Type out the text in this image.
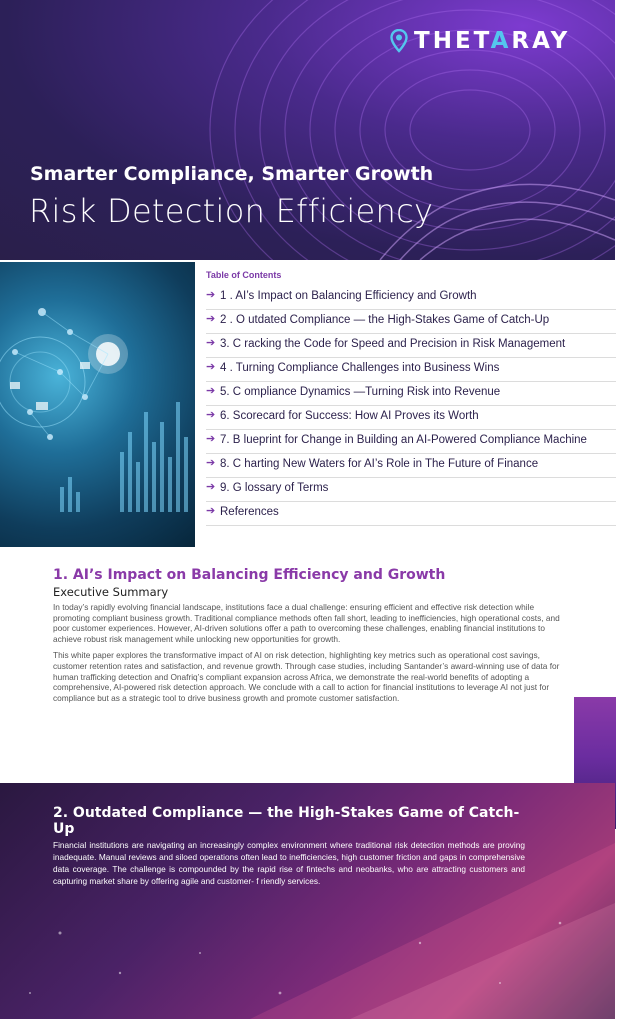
THETARAY
Smarter Compliance, Smarter Growth
Risk Detection Efficiency
Table of Contents
➔ 1 . AI’s Impact on Balancing Efficiency and Growth
➔ 2 . O utdated Compliance — the High-Stakes Game of Catch-Up
➔ 3. C racking the Code for Speed and Precision in Risk Management
➔ 4 . Turning Compliance Challenges into Business Wins
➔ 5. C ompliance Dynamics —Turning Risk into Revenue
➔ 6. Scorecard for Success: How AI Proves its Worth
➔ 7. B lueprint for Change in Building an AI-Powered Compliance Machine
➔ 8. C harting New Waters for AI’s Role in The Future of Finance
➔ 9. G lossary of Terms
➔ References
1. AI’s Impact on Balancing Efficiency and Growth
Executive Summary

In today’s rapidly evolving financial landscape, institutions face a dual challenge: ensuring efficient and effective risk detection while promoting compliant business growth. Traditional compliance methods often fall short, leading to inefficiencies, high operational costs, and poor customer experiences. However, AI-driven solutions offer a path to overcoming these challenges, enabling financial institutions to achieve robust risk management while unlocking new opportunities for growth.

This white paper explores the transformative impact of AI on risk detection, highlighting key metrics such as operational cost savings, customer retention rates and satisfaction, and revenue growth. Through case studies, including Santander’s award-winning use of data for human trafficking detection and Onafriq’s compliant expansion across Africa, we demonstrate the real-world benefits of adopting a comprehensive, AI-powered risk detection approach. We conclude with a call to action for financial institutions to leverage AI not just for compliance but as a strategic tool to drive business growth and promote customer satisfaction.

2. Outdated Compliance — the High-Stakes Game of Catch-Up

Financial institutions are navigating an increasingly complex environment where traditional risk detection methods are proving inadequate. Manual reviews and siloed operations often lead to inefficiencies, high customer friction and gaps in comprehensive data coverage. The challenge is compounded by the rapid rise of fintechs and neobanks, who are attracting customers and capturing market share by offering agile and customer- f riendly services.
